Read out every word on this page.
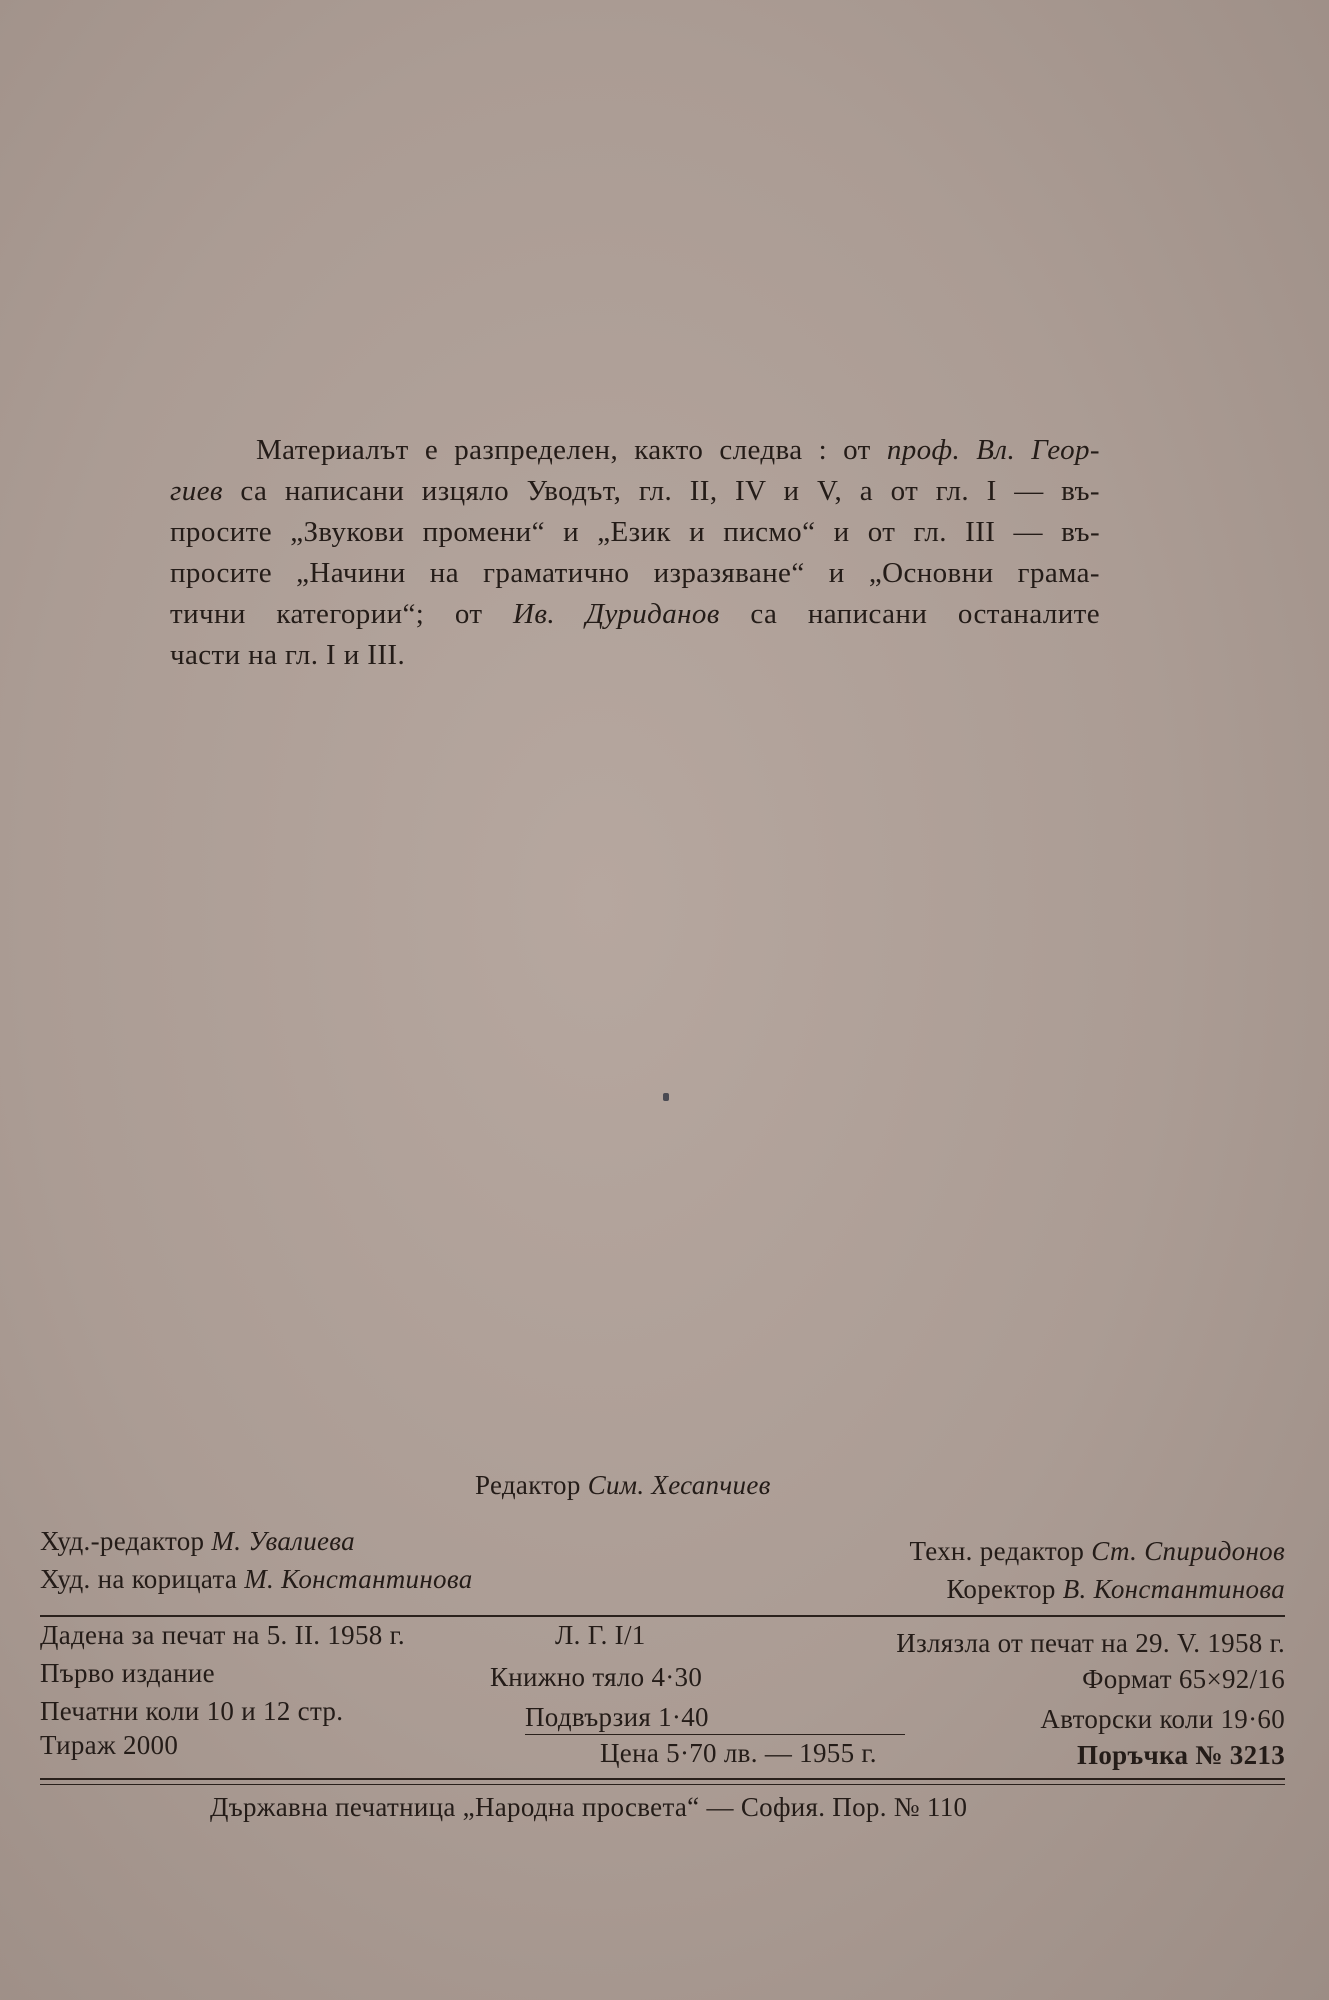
Материалът е разпределен, както следва : от проф. Вл. Геор-
гиев са написани изцяло Уводът, гл. II, IV и V, а от гл. I — въ-
просите „Звукови промени“ и „Език и писмо“ и от гл. III — въ-
просите „Начини на граматично изразяване“ и „Основни грама-
тични категории“; от Ив. Дуриданов са написани останалите
части на гл. I и III.
Редактор Сим. Хесапчиев
Худ.-редактор М. Увалиева
Худ. на корицата М. Константинова
Техн. редактор Ст. Спиридонов
Коректор В. Константинова
Дадена за печат на 5. II. 1958 г.	Л. Г. I/1	Излязла от печат на 29. V. 1958 г.
Първо издание	Книжно тяло 4·30	Формат 65×92/16
Печатни коли 10 и 12 стр.	Подвързия 1·40	Авторски коли 19·60
Тираж 2000	Цена 5·70 лв. — 1955 г.	Поръчка № 3213
Държавна печатница „Народна просвета“ — София. Пор. № 110
